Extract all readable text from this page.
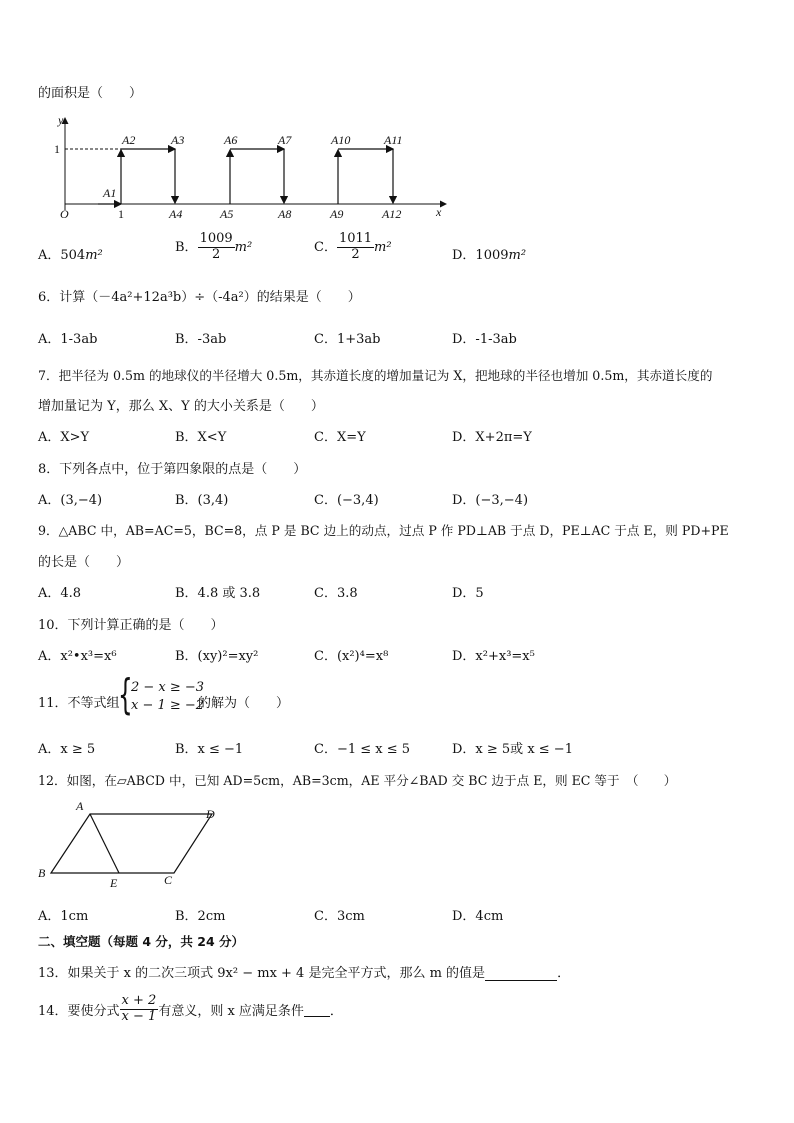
的面积是（　　）
y
x
O
1
1
A1
A2	A3
A4	A5
A6	A7
A8	A9
A10	A11
A12
A．504m²
B． $\frac{1009}{2} m^2$	C． $\frac{1011}{2} m^2$
D．1009m²
6．计算（－4a²+12a³b）÷（-4a²）的结果是（　　）
A．1-3ab	B．-3ab	C．1+3ab	D．-1-3ab
7．把半径为 0.5m 的地球仪的半径增大 0.5m，其赤道长度的增加量记为 X，把地球的半径也增加 0.5m，其赤道长度的
增加量记为 Y，那么 X、Y 的大小关系是（　　）
A．X>Y	B．X<Y	C．X=Y	D．X+2π=Y
8．下列各点中，位于第四象限的点是（　　）
A．(3,−4)	B．(3,4)	C．(−3,4)	D．(−3,−4)
9．△ABC 中，AB=AC=5，BC=8，点 P 是 BC 边上的动点，过点 P 作 PD⊥AB 于点 D，PE⊥AC 于点 E，则 PD+PE
的长是（　　）
A．4.8	B．4.8 或 3.8	C．3.8	D．5
10．下列计算正确的是（　　）
A．x²•x³=x⁶	B．(xy)²=xy²	C．(x²)⁴=x⁸	D．x²+x³=x⁵
11．不等式组
{
2 − x ≥ −3
x − 1 ≥ −2
的解为（　　）
A．x ≥ 5	B．x ≤ −1	C．−1 ≤ x ≤ 5	D．x ≥ 5或 x ≤ −1
12．如图，在▱ABCD 中，已知 AD=5cm，AB=3cm，AE 平分∠BAD 交 BC 边于点 E，则 EC 等于　（　　）
A
D
B	C
E
A．1cm	B．2cm	C．3cm	D．4cm
二、填空题（每题 4 分，共 24 分）
13．如果关于 x 的二次三项式 9x² − mx + 4 是完全平方式，那么 m 的值是	．
14．要使分式 $\frac{x + 2}{x - 1}$ 有意义，则 x 应满足条件 ．
